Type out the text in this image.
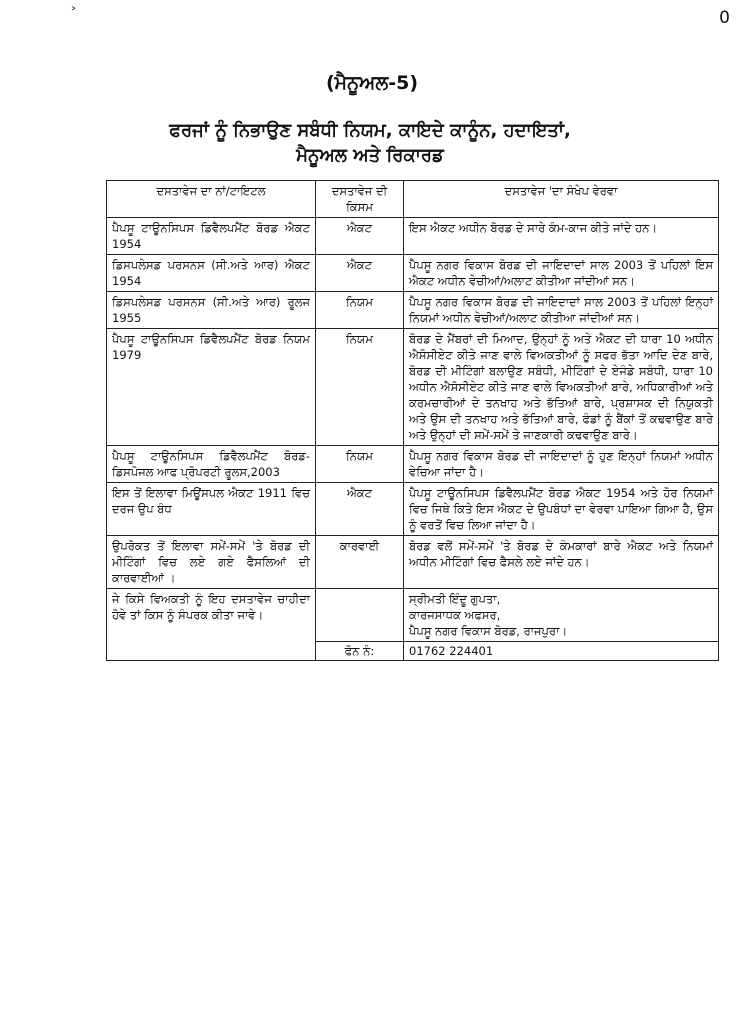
0
˃
(ਮੈਨੂਅਲ-5)
ਫਰਜਾਂ ਨੂੰ ਨਿਭਾਉਣ ਸਬੰਧੀ ਨਿਯਮ, ਕਾਇਦੇ ਕਾਨੂੰਨ, ਹਦਾਇਤਾਂ,
ਮੈਨੂਅਲ ਅਤੇ ਰਿਕਾਰਡ
ਦਸਤਾਵੇਜ ਦਾ ਨਾਂ/ਟਾਇਟਲ	ਦਸਤਾਵੇਜ ਦੀ ਕਿਸਮ	ਦਸਤਾਵੇਜ 'ਦਾ ਸੰਖੇਪ ਵੇਰਵਾ
ਪੈਪਸੂ ਟਾਊਨਸਿਪਸ ਡਿਵੈਲਪਮੈਂਟ ਬੋਰਡ ਐਕਟ 1954	ਐਕਟ	ਇਸ ਐਕਟ ਅਧੀਨ ਬੋਰਡ ਦੇ ਸਾਰੇ ਕੰਮ-ਕਾਜ ਕੀਤੇ ਜਾਂਦੇ ਹਨ।
ਡਿਸਪਲੇਸਡ ਪਰਸਨਸ (ਸੀ.ਅਤੇ ਆਰ) ਐਕਟ 1954	ਐਕਟ	ਪੈਪਸੂ ਨਗਰ ਵਿਕਾਸ ਬੋਰਡ ਦੀ ਜਾਇਦਾਦਾਂ ਸਾਲ 2003 ਤੋਂ ਪਹਿਲਾਂ ਇਸ ਐਕਟ ਅਧੀਨ ਵੇਚੀਆਂ/ਅਲਾਟ ਕੀਤੀਆ ਜਾਂਦੀਆਂ ਸਨ।
ਡਿਸਪਲੇਸਡ ਪਰਸਨਸ (ਸੀ.ਅਤੇ ਆਰ) ਰੂਲਜ 1955	ਨਿਯਮ	ਪੈਪਸੂ ਨਗਰ ਵਿਕਾਸ ਬੋਰਡ ਦੀ ਜਾਇਦਾਦਾਂ ਸਾਲ 2003 ਤੋਂ ਪਹਿਲਾਂ ਇਨ੍ਹਾਂ ਨਿਯਮਾਂ ਅਧੀਨ ਵੇਚੀਆਂ/ਅਲਾਟ ਕੀਤੀਆ ਜਾਂਦੀਆਂ ਸਨ।
ਪੈਪਸੂ ਟਾਊਨਸਿਪਸ ਡਿਵੈਲਪਮੈਂਟ ਬੋਰਡ ਨਿਯਮ 1979	ਨਿਯਮ	ਬੋਰਡ ਦੇ ਮੈਂਬਰਾਂ ਦੀ ਮਿਆਦ, ਉਨ੍ਹਾਂ ਨੂੰ ਅਤੇ ਐਕਟ ਦੀ ਧਾਰਾ 10 ਅਧੀਨ ਐਸੋਸੀਏਟ ਕੀਤੇ ਜਾਣ ਵਾਲੇ ਵਿਅਕਤੀਆਂ ਨੂੰ ਸਫਰ ਭੱਤਾ ਆਦਿ ਦੇਣ ਬਾਰੇ, ਬੋਰਡ ਦੀ ਮੀਟਿੰਗਾਂ ਬਲਾਉਣ ਸਬੰਧੀ, ਮੀਟਿੰਗਾਂ ਦੇ ਏਜੰਡੇ ਸਬੰਧੀ, ਧਾਰਾ 10 ਅਧੀਨ ਐਸੋਸੀਏਟ ਕੀਤੇ ਜਾਣ ਵਾਲੇ ਵਿਅਕਤੀਆਂ ਬਾਰੇ, ਅਧਿਕਾਰੀਆਂ ਅਤੇ ਕਰਮਚਾਰੀਆਂ ਦੇ ਤਨਖਾਹ ਅਤੇ ਭੱਤਿਆਂ ਬਾਰੇ, ਪ੍ਰਸ਼ਾਸਕ ਦੀ ਨਿਯੁਕਤੀ ਅਤੇ ਉਸ ਦੀ ਤਨਖਾਹ ਅਤੇ ਭੱਤਿਆਂ ਬਾਰੇ, ਫੰਡਾਂ ਨੂੰ ਬੈਂਕਾਂ ਤੋਂ ਕਢਵਾਉਣ ਬਾਰੇ ਅਤੇ ਉਨ੍ਹਾਂ ਦੀ ਸਮੇਂ-ਸਮੇਂ ਤੇ ਜਾਣਕਾਰੀ ਕਢਵਾਉਣ ਬਾਰੇ।
ਪੈਪਸੂ ਟਾਊਨਸਿਪਸ ਡਿਵੈਲਪਮੈਂਟ ਬੋਰਡ-ਡਿਸਪੋਜਲ ਆਫ ਪ੍ਰੋਪਰਟੀ ਰੂਲਸ,2003	ਨਿਯਮ	ਪੈਪਸੂ ਨਗਰ ਵਿਕਾਸ ਬੋਰਡ ਦੀ ਜਾਇਦਾਦਾਂ ਨੂੰ ਹੁਣ ਇਨ੍ਹਾਂ ਨਿਯਮਾਂ ਅਧੀਨ ਵੇਚਿਆ ਜਾਂਦਾ ਹੈ।
ਇਸ ਤੋਂ ਇਲਾਵਾ ਮਿਊਂਸਪਲ ਐਕਟ 1911 ਵਿਚ ਦਰਜ ਉਪ ਬੰਧ	ਐਕਟ	ਪੈਪਸੂ ਟਾਊਨਸਿਪਸ ਡਿਵੈਲਪਮੈਂਟ ਬੋਰਡ ਐਕਟ 1954 ਅਤੇ ਹੋਰ ਨਿਯਮਾਂ ਵਿਚ ਜਿਥੇ ਕਿਤੇ ਇਸ ਐਕਟ ਦੇ ਉਪਬੰਧਾਂ ਦਾ ਵੇਰਵਾ ਪਾਇਆ ਗਿਆ ਹੈ, ਉਸ ਨੂੰ ਵਰਤੋਂ ਵਿਚ ਲਿਆ ਜਾਂਦਾ ਹੈ।
ਉਪਰੋਕਤ ਤੋਂ ਇਲਾਵਾ ਸਮੇਂ-ਸਮੇਂ 'ਤੇ ਬੋਰਡ ਦੀ ਮੀਟਿੰਗਾਂ ਵਿਚ ਲਏ ਗਏ ਫੈਸਲਿਆਂ ਦੀ ਕਾਰਵਾਈਆਂ ।	ਕਾਰਵਾਈ	ਬੋਰਡ ਵਲੋਂ ਸਮੇਂ-ਸਮੇਂ 'ਤੇ ਬੋਰਡ ਦੇ ਕੰਮਕਾਰਾਂ ਬਾਰੇ ਐਕਟ ਅਤੇ ਨਿਯਮਾਂ ਅਧੀਨ ਮੀਟਿੰਗਾਂ ਵਿਚ ਫੈਸਲੇ ਲਏ ਜਾਂਦੇ ਹਨ।
ਜੇ ਕਿਸੇ ਵਿਅਕਤੀ ਨੂੰ ਇਹ ਦਸਤਾਵੇਜ ਚਾਹੀਦਾ ਹੋਵੇ ਤਾਂ ਕਿਸ ਨੂੰ ਸੰਪਰਕ ਕੀਤਾ ਜਾਵੇ।		ਸ੍ਰੀਮਤੀ ਇੰਦੂ ਗੁਪਤਾ,
ਕਾਰਜਸਾਧਕ ਅਫਸਰ,
ਪੈਪਸੂ ਨਗਰ ਵਿਕਾਸ ਬੋਰਡ, ਰਾਜਪੁਰਾ।

	ਫੋਨ ਨੰ:	01762 224401
